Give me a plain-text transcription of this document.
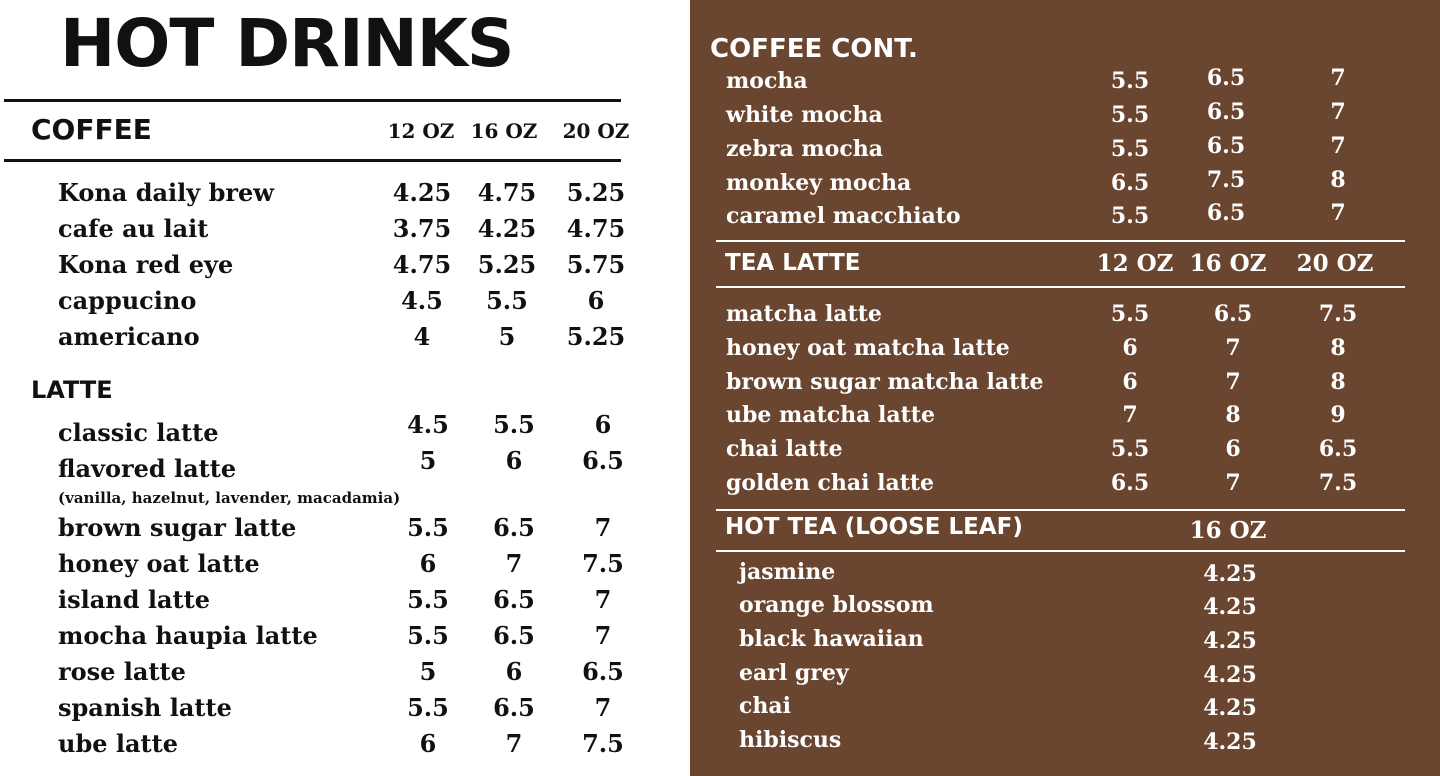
HOT DRINKS
COFFEE	12 OZ 16 OZ	20 OZ
Kona daily brew	4.25	4.75	5.25
cafe au lait	3.75	4.25	4.75
Kona red eye	4.75	5.25	5.75
cappucino	4.5	5.5	6
americano	4	5	5.25
LATTE
classic latte	4.5	5.5	6
flavored latte	5	6	6.5
(vanilla, hazelnut, lavender, macadamia)
brown sugar latte	5.5	6.5	7
honey oat latte	6	7	7.5
island latte	5.5	6.5	7
mocha haupia latte	5.5	6.5	7
rose latte	5	6	6.5
spanish latte	5.5	6.5	7
ube latte	6	7	7.5
COFFEE CONT.
mocha	5.5	6.5	7
white mocha	5.5	6.5	7
zebra mocha	5.5	6.5	7
monkey mocha	6.5	7.5	8
caramel macchiato	5.5	6.5	7
TEA LATTE	12 OZ 16 OZ 20 OZ
matcha latte	5.5	6.5	7.5
honey oat matcha latte	6	7	8
brown sugar matcha latte	6	7	8
ube matcha latte	7	8	9
chai latte	5.5	6	6.5
golden chai latte	6.5	7	7.5
HOT TEA (LOOSE LEAF)	16 OZ
jasmine	4.25
orange blossom	4.25
black hawaiian	4.25
earl grey	4.25
chai	4.25
hibiscus	4.25
